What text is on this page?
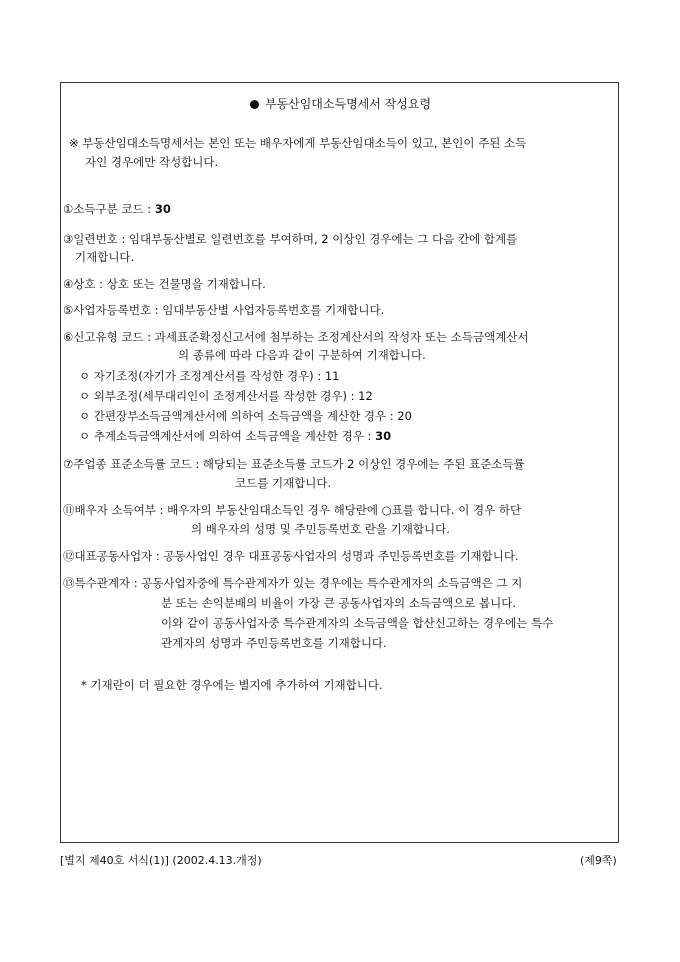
부동산임대소득명세서 작성요령
※ 부동산임대소득명세서는 본인 또는 배우자에게 부동산임대소득이 있고, 본인이 주된 소득
자인 경우에만 작성합니다.
①소득구분 코드 : 30
③일련번호 : 임대부동산별로 일련번호를 부여하며, 2 이상인 경우에는 그 다음 칸에 합계를
기재합니다.
④상호 : 상호 또는 건물명을 기재합니다.
⑤사업자등록번호 : 임대부동산별 사업자등록번호를 기재합니다.
⑥신고유형 코드 : 과세표준확정신고서에 첨부하는 조정계산서의 작성자 또는 소득금액계산서
의 종류에 따라 다음과 같이 구분하여 기재합니다.
ㅇ 자기조정(자기가 조정계산서를 작성한 경우) : 11
ㅇ 외부조정(세무대리인이 조정계산서를 작성한 경우) : 12
ㅇ 간편장부소득금액계산서에 의하여 소득금액을 계산한 경우 : 20
ㅇ 추계소득금액계산서에 의하여 소득금액을 계산한 경우 : 30
⑦주업종 표준소득률 코드 : 해당되는 표준소득률 코드가 2 이상인 경우에는 주된 표준소득률
코드를 기재합니다.
⑪배우자 소득여부 : 배우자의 부동산임대소득인 경우 해당란에 ○표를 합니다. 이 경우 하단
의 배우자의 성명 및 주민등록번호 란을 기재합니다.
⑫대표공동사업자 : 공동사업인 경우 대표공동사업자의 성명과 주민등록번호를 기재합니다.
⑬특수관계자 : 공동사업자중에 특수관계자가 있는 경우에는 특수관계자의 소득금액은 그 지
분 또는 손익분배의 비율이 가장 큰 공동사업자의 소득금액으로 봅니다.
이와 같이 공동사업자중 특수관계자의 소득금액을 합산신고하는 경우에는 특수
관계자의 성명과 주민등록번호를 기재합니다.
* 기재란이 더 필요한 경우에는 별지에 추가하여 기재합니다.
[별지 제40호 서식(1)] (2002.4.13.개정)	(제9쪽)
